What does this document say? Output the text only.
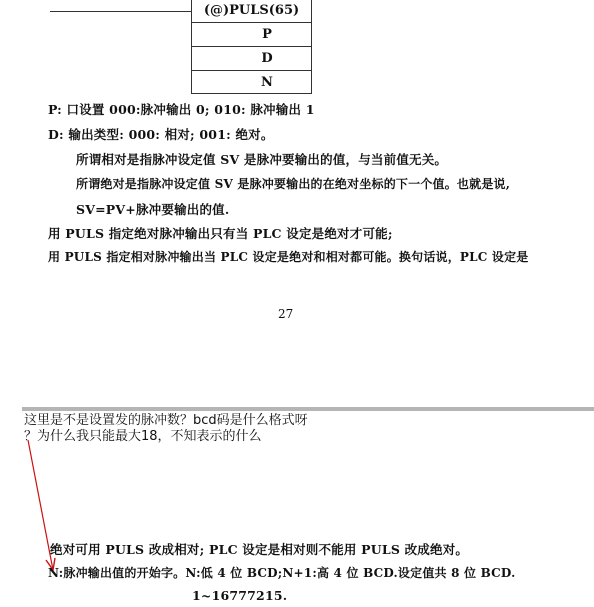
(@)PULS(65)
P
D
N
P: 口设置 000:脉冲输出 0; 010: 脉冲输出 1
D: 输出类型: 000: 相对; 001: 绝对。
所谓相对是指脉冲设定值 SV 是脉冲要输出的值，与当前值无关。
所谓绝对是指脉冲设定值 SV 是脉冲要输出的在绝对坐标的下一个值。也就是说,
SV=PV+脉冲要输出的值.
用 PULS 指定绝对脉冲输出只有当 PLC 设定是绝对才可能;
用 PULS 指定相对脉冲输出当 PLC 设定是绝对和相对都可能。换句话说，PLC 设定是
27
这里是不是设置发的脉冲数？bcd码是什么格式呀
？为什么我只能最大18，不知表示的什么
绝对可用 PULS 改成相对; PLC 设定是相对则不能用 PULS 改成绝对。
N:脉冲输出值的开始字。N:低 4 位 BCD;N+1:高 4 位 BCD.设定值共 8 位 BCD.
1~16777215.
